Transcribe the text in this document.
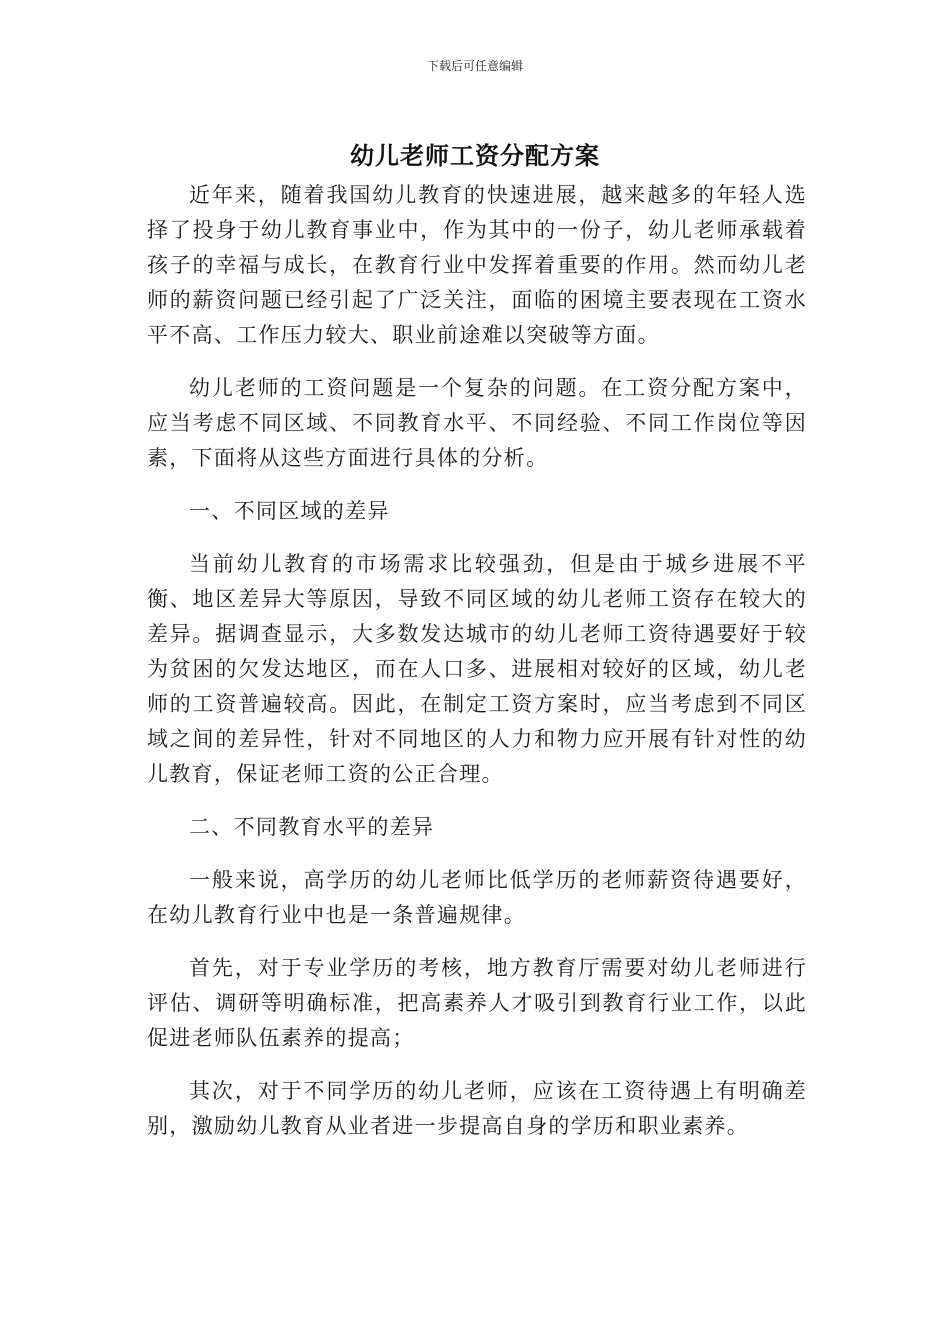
下载后可任意编辑
幼儿老师工资分配方案

近年来，随着我国幼儿教育的快速进展，越来越多的年轻人选择了投身于幼儿教育事业中，作为其中的一份子，幼儿老师承载着孩子的幸福与成长，在教育行业中发挥着重要的作用。然而幼儿老师的薪资问题已经引起了广泛关注，面临的困境主要表现在工资水平不高、工作压力较大、职业前途难以突破等方面。

幼儿老师的工资问题是一个复杂的问题。在工资分配方案中，应当考虑不同区域、不同教育水平、不同经验、不同工作岗位等因素，下面将从这些方面进行具体的分析。

一、不同区域的差异

当前幼儿教育的市场需求比较强劲，但是由于城乡进展不平衡、地区差异大等原因，导致不同区域的幼儿老师工资存在较大的差异。据调查显示，大多数发达城市的幼儿老师工资待遇要好于较为贫困的欠发达地区，而在人口多、进展相对较好的区域，幼儿老师的工资普遍较高。因此，在制定工资方案时，应当考虑到不同区域之间的差异性，针对不同地区的人力和物力应开展有针对性的幼儿教育，保证老师工资的公正合理。

二、不同教育水平的差异

一般来说，高学历的幼儿老师比低学历的老师薪资待遇要好，在幼儿教育行业中也是一条普遍规律。

首先，对于专业学历的考核，地方教育厅需要对幼儿老师进行评估、调研等明确标准，把高素养人才吸引到教育行业工作，以此促进老师队伍素养的提高；

其次，对于不同学历的幼儿老师，应该在工资待遇上有明确差别，激励幼儿教育从业者进一步提高自身的学历和职业素养。
